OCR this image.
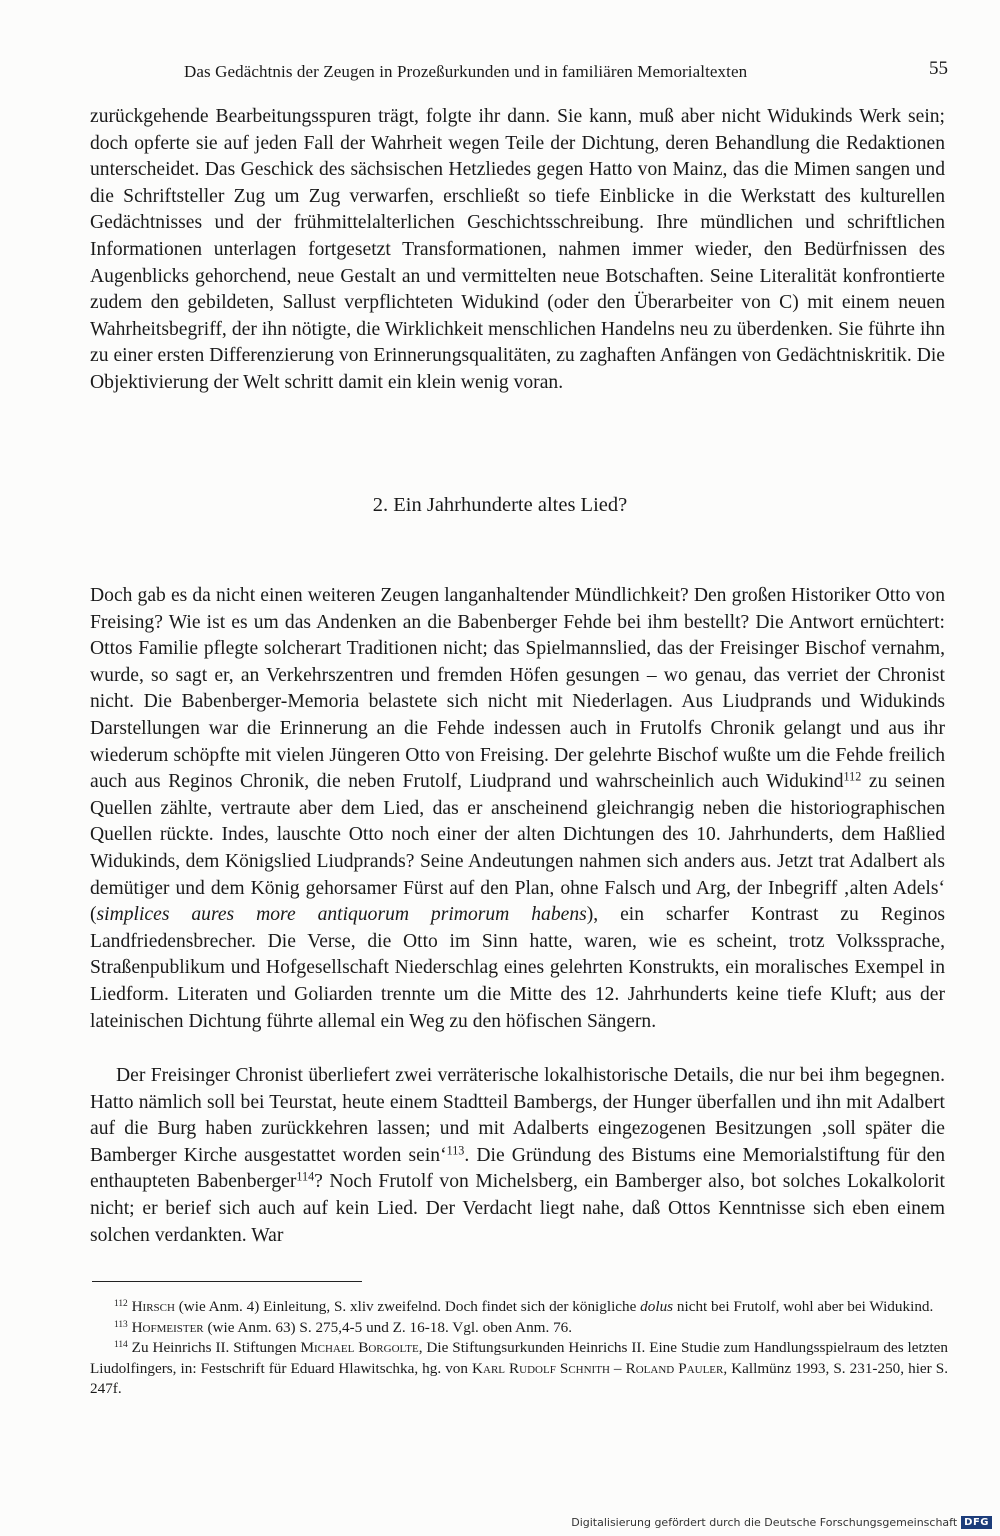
Das Gedächtnis der Zeugen in Prozeßurkunden und in familiären Memorialtexten	55

zurückgehende Bearbeitungsspuren trägt, folgte ihr dann. Sie kann, muß aber nicht Widukinds Werk sein; doch opferte sie auf jeden Fall der Wahrheit wegen Teile der Dichtung, deren Behandlung die Redaktionen unterscheidet. Das Geschick des sächsischen Hetzliedes gegen Hatto von Mainz, das die Mimen sangen und die Schriftsteller Zug um Zug verwarfen, erschließt so tiefe Einblicke in die Werkstatt des kulturellen Gedächtnisses und der frühmittelalterlichen Geschichtsschreibung. Ihre mündlichen und schriftlichen Informationen unterlagen fortgesetzt Transformationen, nahmen immer wieder, den Bedürfnissen des Augenblicks gehorchend, neue Gestalt an und vermittelten neue Botschaften. Seine Literalität konfrontierte zudem den gebildeten, Sallust verpflichteten Widukind (oder den Überarbeiter von C) mit einem neuen Wahrheitsbegriff, der ihn nötigte, die Wirklichkeit menschlichen Handelns neu zu überdenken. Sie führte ihn zu einer ersten Differenzierung von Erinnerungsqualitäten, zu zaghaften Anfängen von Gedächtniskritik. Die Objektivierung der Welt schritt damit ein klein wenig voran.

2. Ein Jahrhunderte altes Lied?

Doch gab es da nicht einen weiteren Zeugen langanhaltender Mündlichkeit? Den großen Historiker Otto von Freising? Wie ist es um das Andenken an die Babenberger Fehde bei ihm bestellt? Die Antwort ernüchtert: Ottos Familie pflegte solcherart Traditionen nicht; das Spielmannslied, das der Freisinger Bischof vernahm, wurde, so sagt er, an Verkehrszentren und fremden Höfen gesungen – wo genau, das verriet der Chronist nicht. Die Babenberger-Memoria belastete sich nicht mit Niederlagen. Aus Liudprands und Widukinds Darstellungen war die Erinnerung an die Fehde indessen auch in Frutolfs Chronik gelangt und aus ihr wiederum schöpfte mit vielen Jüngeren Otto von Freising. Der gelehrte Bischof wußte um die Fehde freilich auch aus Reginos Chronik, die neben Frutolf, Liudprand und wahrscheinlich auch Widukind$^{112}$ zu seinen Quellen zählte, vertraute aber dem Lied, das er anscheinend gleichrangig neben die historiographischen Quellen rückte. Indes, lauschte Otto noch einer der alten Dichtungen des 10. Jahrhunderts, dem Haßlied Widukinds, dem Königslied Liudprands? Seine Andeutungen nahmen sich anders aus. Jetzt trat Adalbert als demütiger und dem König gehorsamer Fürst auf den Plan, ohne Falsch und Arg, der Inbegriff ‚alten Adels‘ (simplices aures more antiquorum primorum habens), ein scharfer Kontrast zu Reginos Landfriedensbrecher. Die Verse, die Otto im Sinn hatte, waren, wie es scheint, trotz Volkssprache, Straßenpublikum und Hofgesellschaft Niederschlag eines gelehrten Konstrukts, ein moralisches Exempel in Liedform. Literaten und Goliarden trennte um die Mitte des 12. Jahrhunderts keine tiefe Kluft; aus der lateinischen Dichtung führte allemal ein Weg zu den höfischen Sängern.

Der Freisinger Chronist überliefert zwei verräterische lokalhistorische Details, die nur bei ihm begegnen. Hatto nämlich soll bei Teurstat, heute einem Stadtteil Bambergs, der Hunger überfallen und ihn mit Adalbert auf die Burg haben zurückkehren lassen; und mit Adalberts eingezogenen Besitzungen ‚soll später die Bamberger Kirche ausgestattet worden sein‘$^{113}$. Die Gründung des Bistums eine Memorialstiftung für den enthaupteten Babenberger$^{114}$? Noch Frutolf von Michelsberg, ein Bamberger also, bot solches Lokalkolorit nicht; er berief sich auch auf kein Lied. Der Verdacht liegt nahe, daß Ottos Kenntnisse sich eben einem solchen verdankten. War

$^{112}$ Hirsch (wie Anm. 4) Einleitung, S. xliv zweifelnd. Doch findet sich der königliche dolus nicht bei Frutolf, wohl aber bei Widukind.

$^{113}$ Hofmeister (wie Anm. 63) S. 275,4-5 und Z. 16-18. Vgl. oben Anm. 76.

$^{114}$ Zu Heinrichs II. Stiftungen Michael Borgolte, Die Stiftungsurkunden Heinrichs II. Eine Studie zum Handlungsspielraum des letzten Liudolfingers, in: Festschrift für Eduard Hlawitschka, hg. von Karl Rudolf Schnith – Roland Pauler, Kallmünz 1993, S. 231-250, hier S. 247f.

Digitalisierung gefördert durch die Deutsche Forschungsgemeinschaft DFG
